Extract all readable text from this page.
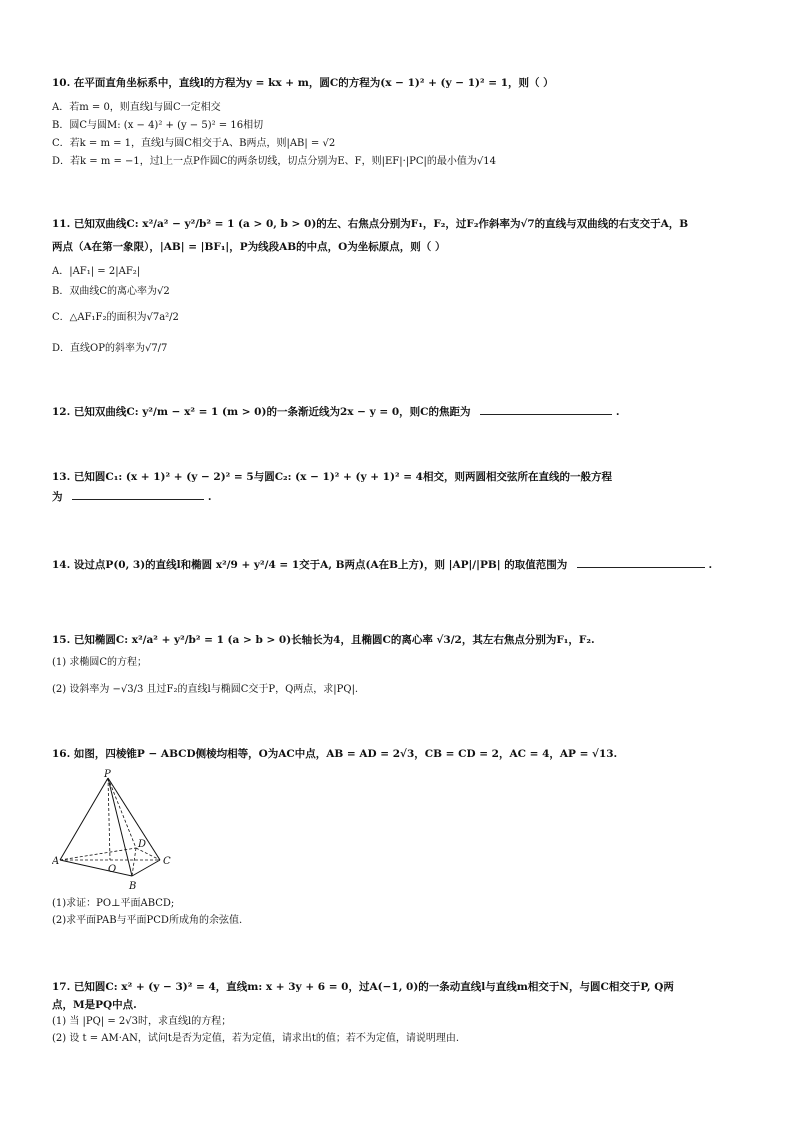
10. 在平面直角坐标系中，直线l的方程为y = kx + m，圆C的方程为(x − 1)² + (y − 1)² = 1，则（ ）
A．若m = 0，则直线l与圆C一定相交
B．圆C与圆M: (x − 4)² + (y − 5)² = 16相切
C．若k = m = 1，直线l与圆C相交于A、B两点，则|AB| = √2
D．若k = m = −1，过l上一点P作圆C的两条切线，切点分别为E、F，则|EF|·|PC|的最小值为√14
11. 已知双曲线C: x²/a² − y²/b² = 1 (a > 0, b > 0)的左、右焦点分别为F₁，F₂，过F₂作斜率为√7的直线与双曲线的右支交于A，B
两点（A在第一象限），|AB| = |BF₁|，P为线段AB的中点，O为坐标原点，则（ ）
A．|AF₁| = 2|AF₂|
B．双曲线C的离心率为√2
C．△AF₁F₂的面积为√7a²/2
D．直线OP的斜率为√7/7
12. 已知双曲线C: y²/m − x² = 1 (m > 0)的一条渐近线为2x − y = 0，则C的焦距为	.
13. 已知圆C₁: (x + 1)² + (y − 2)² = 5与圆C₂: (x − 1)² + (y + 1)² = 4相交，则两圆相交弦所在直线的一般方程
为	.
14. 设过点P(0, 3)的直线l和椭圆 x²/9 + y²/4 = 1交于A, B两点(A在B上方)，则 |AP|/|PB| 的取值范围为	.
15. 已知椭圆C: x²/a² + y²/b² = 1 (a > b > 0)长轴长为4，且椭圆C的离心率 √3/2，其左右焦点分别为F₁，F₂.
(1) 求椭圆C的方程；
(2) 设斜率为 −√3/3 且过F₂的直线l与椭圆C交于P，Q两点，求|PQ|.
16. 如图，四棱锥P − ABCD侧棱均相等，O为AC中点，AB = AD = 2√3，CB = CD = 2，AC = 4，AP = √13.
P
A
B
C
D
O
(1)求证：PO⊥平面ABCD;
(2)求平面PAB与平面PCD所成角的余弦值.
17. 已知圆C: x² + (y − 3)² = 4，直线m: x + 3y + 6 = 0，过A(−1, 0)的一条动直线l与直线m相交于N，与圆C相交于P, Q两
点，M是PQ中点.
(1) 当 |PQ| = 2√3时，求直线l的方程；
(2) 设 t = AM·AN，试问t是否为定值，若为定值，请求出t的值；若不为定值，请说明理由.
